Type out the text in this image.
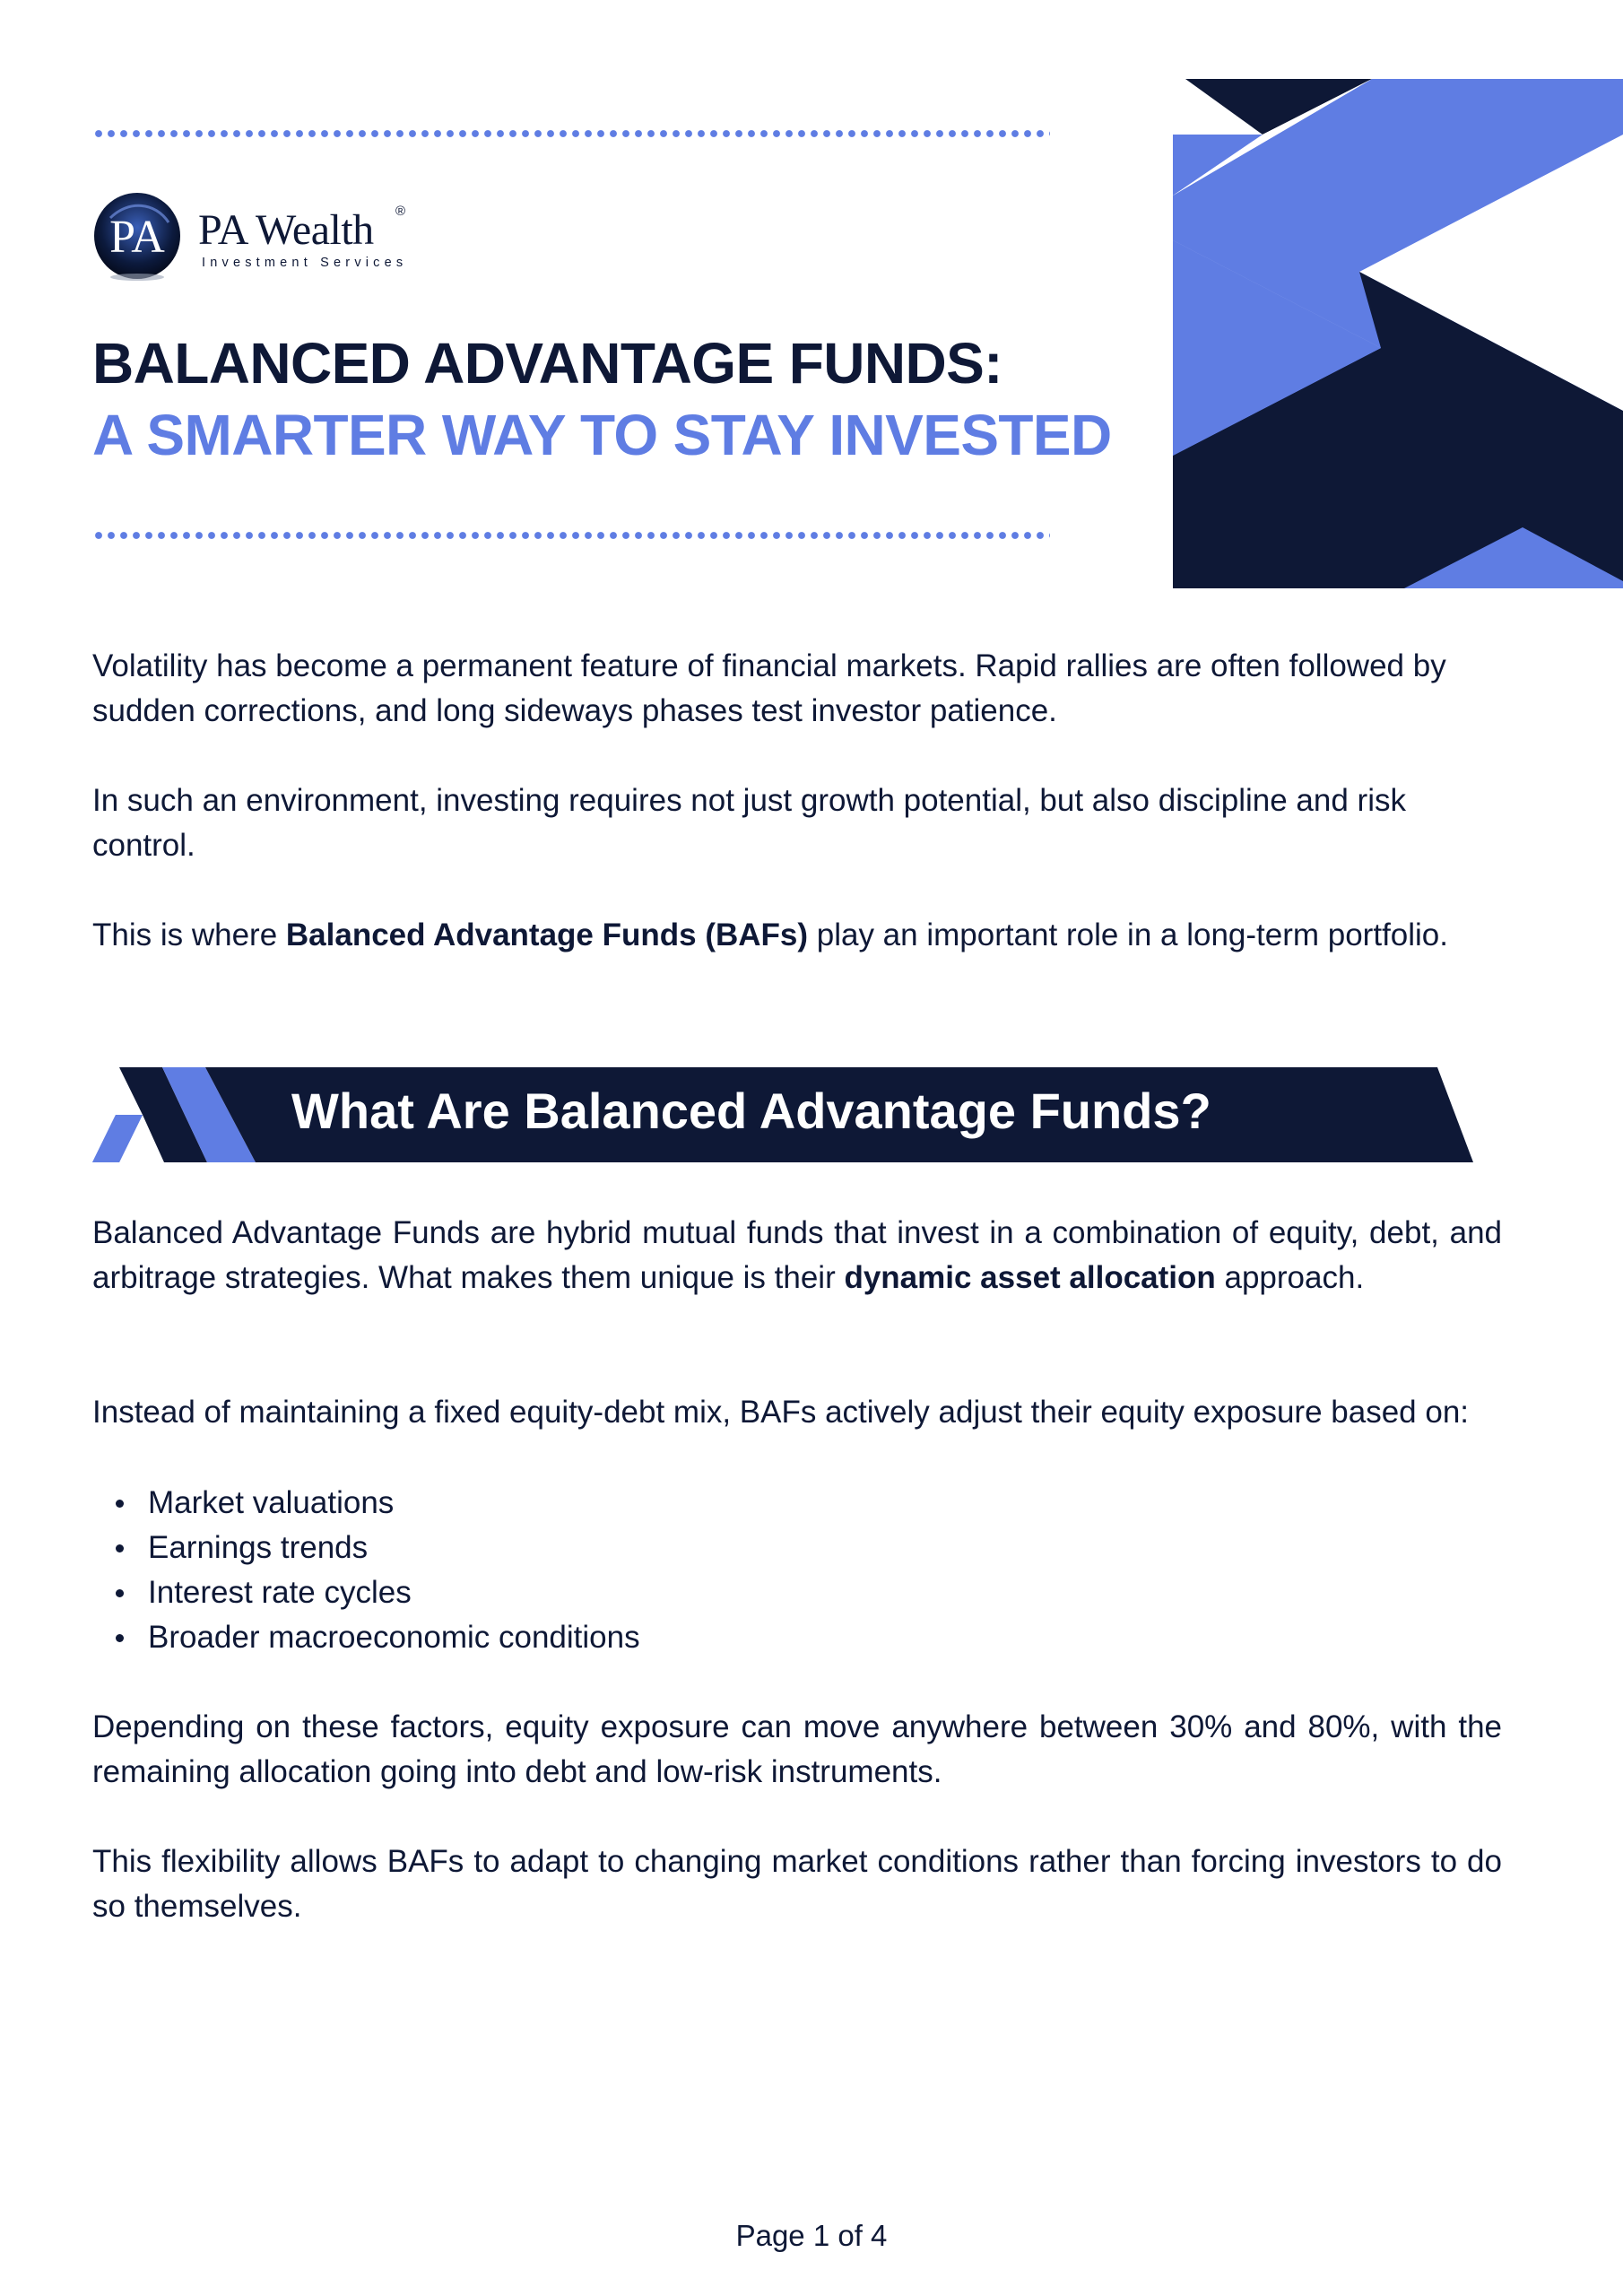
PA PA Wealth ®
Investment Services
BALANCED ADVANTAGE FUNDS:
A SMARTER WAY TO STAY INVESTED

Volatility has become a permanent feature of financial markets. Rapid rallies are often followed by sudden corrections, and long sideways phases test investor patience.

In such an environment, investing requires not just growth potential, but also discipline and risk control.

This is where Balanced Advantage Funds (BAFs) play an important role in a long-term portfolio.

What Are Balanced Advantage Funds?

Balanced Advantage Funds are hybrid mutual funds that invest in a combination of equity, debt, and arbitrage strategies. What makes them unique is their dynamic asset allocation approach.

Instead of maintaining a fixed equity-debt mix, BAFs actively adjust their equity exposure based on:

Market valuations
Earnings trends
Interest rate cycles
Broader macroeconomic conditions

Depending on these factors, equity exposure can move anywhere between 30% and 80%, with the remaining allocation going into debt and low-risk instruments.

This flexibility allows BAFs to adapt to changing market conditions rather than forcing investors to do so themselves.

Page 1 of 4
